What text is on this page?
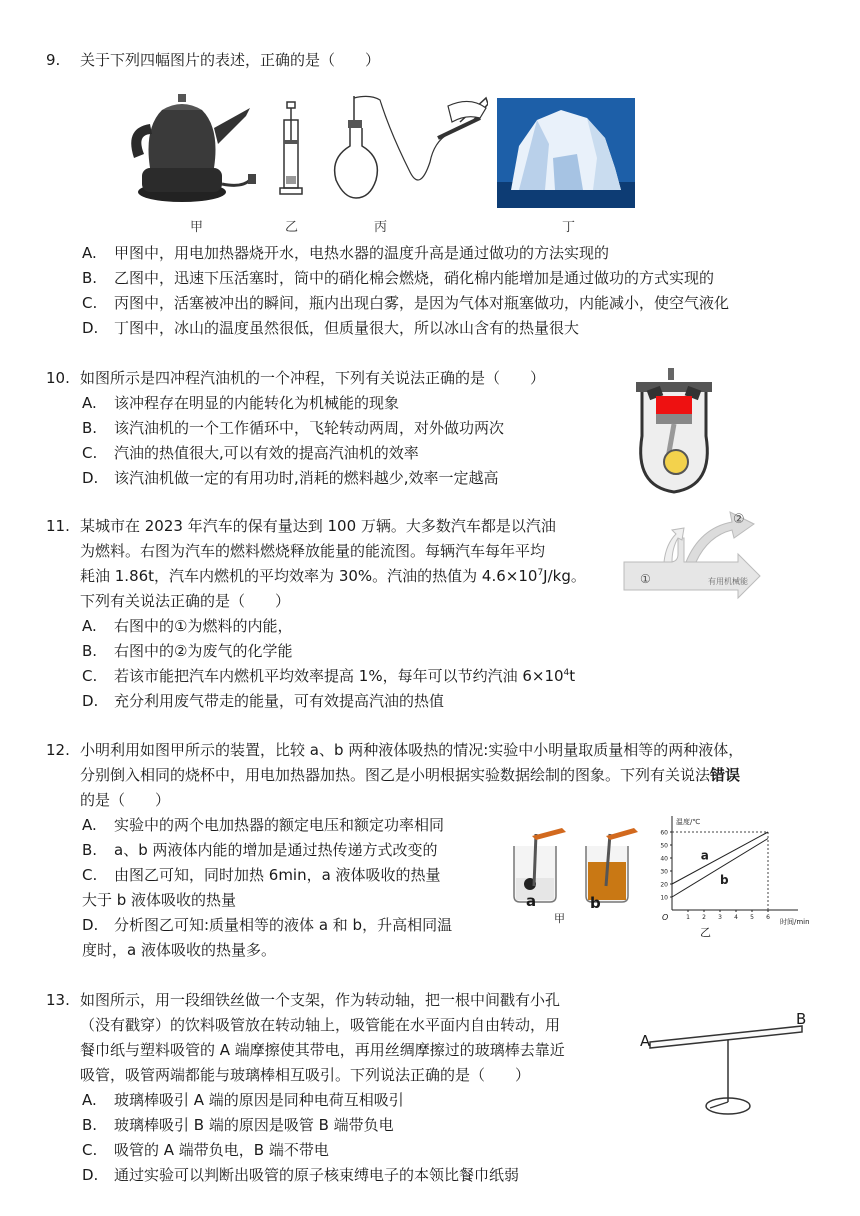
9. 关于下列四幅图片的表述，正确的是（　　）
甲	乙	丙	丁
A. 甲图中，用电加热器烧开水，电热水器的温度升高是通过做功的方法实现的
B. 乙图中，迅速下压活塞时，筒中的硝化棉会燃烧，硝化棉内能增加是通过做功的方式实现的
C. 丙图中，活塞被冲出的瞬间，瓶内出现白雾，是因为气体对瓶塞做功，内能减小，使空气液化
D. 丁图中，冰山的温度虽然很低，但质量很大，所以冰山含有的热量很大
10. 如图所示是四冲程汽油机的一个冲程，下列有关说法正确的是（　　）
A. 该冲程存在明显的内能转化为机械能的现象
B. 该汽油机的一个工作循环中，飞轮转动两周，对外做功两次
C. 汽油的热值很大,可以有效的提高汽油机的效率
D. 该汽油机做一定的有用功时,消耗的燃料越少,效率一定越高
11. 某城市在 2023 年汽车的保有量达到 100 万辆。大多数汽车都是以汽油
为燃料。右图为汽车的燃料燃烧释放能量的能流图。每辆汽车每年平均
耗油 1.86t，汽车内燃机的平均效率为 30%。汽油的热值为 $4.6\times 10^7J/kg$。
下列有关说法正确的是（　　）
①
②
有用机械能
A. 右图中的①为燃料的内能，
B. 右图中的②为废气的化学能
C. 若该市能把汽车内燃机平均效率提高 1%，每年可以节约汽油 $6\times 10^4t$
D. 充分利用废气带走的能量，可有效提高汽油的热值
12. 小明利用如图甲所示的装置，比较 a、b 两种液体吸热的情况:实验中小明量取质量相等的两种液体，
分别倒入相同的烧杯中，用电加热器加热。图乙是小明根据实验数据绘制的图象。下列有关说法错误
的是（　　）
A. 实验中的两个电加热器的额定电压和额定功率相同
B. a、b 两液体内能的增加是通过热传递方式改变的
C. 由图乙可知，同时加热 6min，a 液体吸收的热量
大于 b 液体吸收的热量
D. 分析图乙可知:质量相等的液体 a 和 b，升高相同温
度时，a 液体吸收的热量多。
a	b
甲
温度/℃
时间/min
O
10
20
30
40
50
60
1 2 3 4 5 6
a
b
乙
13. 如图所示，用一段细铁丝做一个支架，作为转动轴，把一根中间戳有小孔
（没有戳穿）的饮料吸管放在转动轴上，吸管能在水平面内自由转动，用
餐巾纸与塑料吸管的 A 端摩擦使其带电，再用丝绸摩擦过的玻璃棒去靠近
吸管，吸管两端都能与玻璃棒相互吸引。下列说法正确的是（　　）
A
B
A. 玻璃棒吸引 A 端的原因是同种电荷互相吸引
B. 玻璃棒吸引 B 端的原因是吸管 B 端带负电
C. 吸管的 A 端带负电，B 端不带电
D. 通过实验可以判断出吸管的原子核束缚电子的本领比餐巾纸弱
